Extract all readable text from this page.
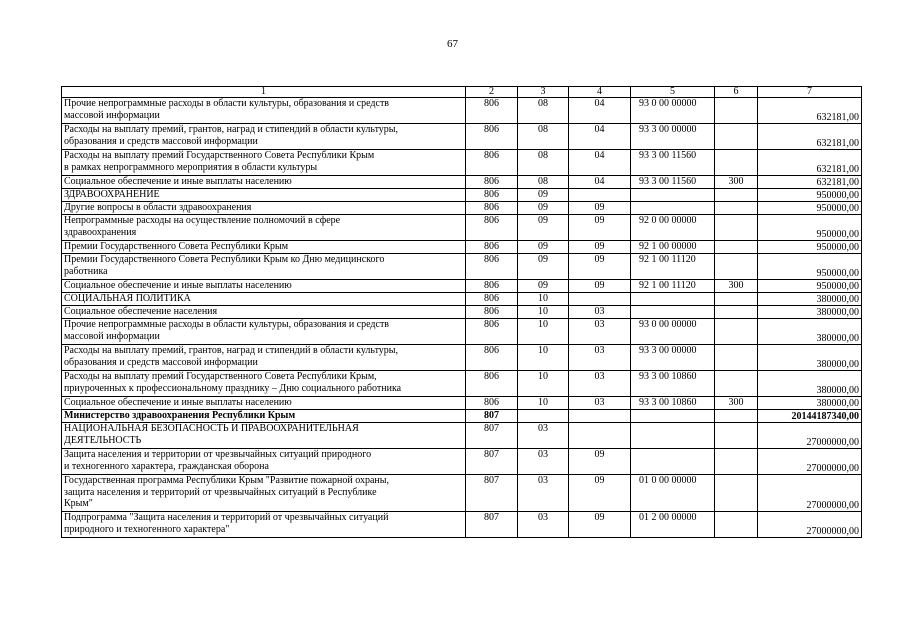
67
1	2	3	4	5	6	7

Прочие непрограммные расходы в области культуры, образования и средств
массовой информации	806	08	04	93 0 00 00000		632181,00

Расходы на выплату премий, грантов, наград и стипендий в области культуры,
образования и средств массовой информации	806	08	04	93 3 00 00000		632181,00

Расходы на выплату премий Государственного Совета Республики Крым
в рамках непрограммного мероприятия в области культуры	806	08	04	93 3 00 11560		632181,00

Социальное обеспечение и иные выплаты населению	806	08	04	93 3 00 11560	300	632181,00

ЗДРАВООХРАНЕНИЕ	806	09				950000,00

Другие вопросы в области здравоохранения	806	09	09			950000,00

Непрограммные расходы на осуществление полномочий в сфере
здравоохранения	806	09	09	92 0 00 00000		950000,00

Премии Государственного Совета Республики Крым	806	09	09	92 1 00 00000		950000,00

Премии Государственного Совета Республики Крым ко Дню медицинского
работника	806	09	09	92 1 00 11120		950000,00

Социальное обеспечение и иные выплаты населению	806	09	09	92 1 00 11120	300	950000,00

СОЦИАЛЬНАЯ ПОЛИТИКА	806	10				380000,00

Социальное обеспечение населения	806	10	03			380000,00

Прочие непрограммные расходы в области культуры, образования и средств
массовой информации	806	10	03	93 0 00 00000		380000,00

Расходы на выплату премий, грантов, наград и стипендий в области культуры,
образования и средств массовой информации	806	10	03	93 3 00 00000		380000,00

Расходы на выплату премий Государственного Совета Республики Крым,
приуроченных к профессиональному празднику – Дню социального работника	806	10	03	93 3 00 10860		380000,00

Социальное обеспечение и иные выплаты населению	806	10	03	93 3 00 10860	300	380000,00

Министерство здравоохранения Республики Крым	807					20144187340,00

НАЦИОНАЛЬНАЯ БЕЗОПАСНОСТЬ И ПРАВООХРАНИТЕЛЬНАЯ
ДЕЯТЕЛЬНОСТЬ	807	03				27000000,00

Защита населения и территории от чрезвычайных ситуаций природного
и техногенного характера, гражданская оборона	807	03	09			27000000,00

Государственная программа Республики Крым "Развитие пожарной охраны,
защита населения и территорий от чрезвычайных ситуаций в Республике
Крым"	807	03	09	01 0 00 00000		27000000,00

Подпрограмма "Защита населения и территорий от чрезвычайных ситуаций
природного и техногенного характера"	807	03	09	01 2 00 00000		27000000,00
